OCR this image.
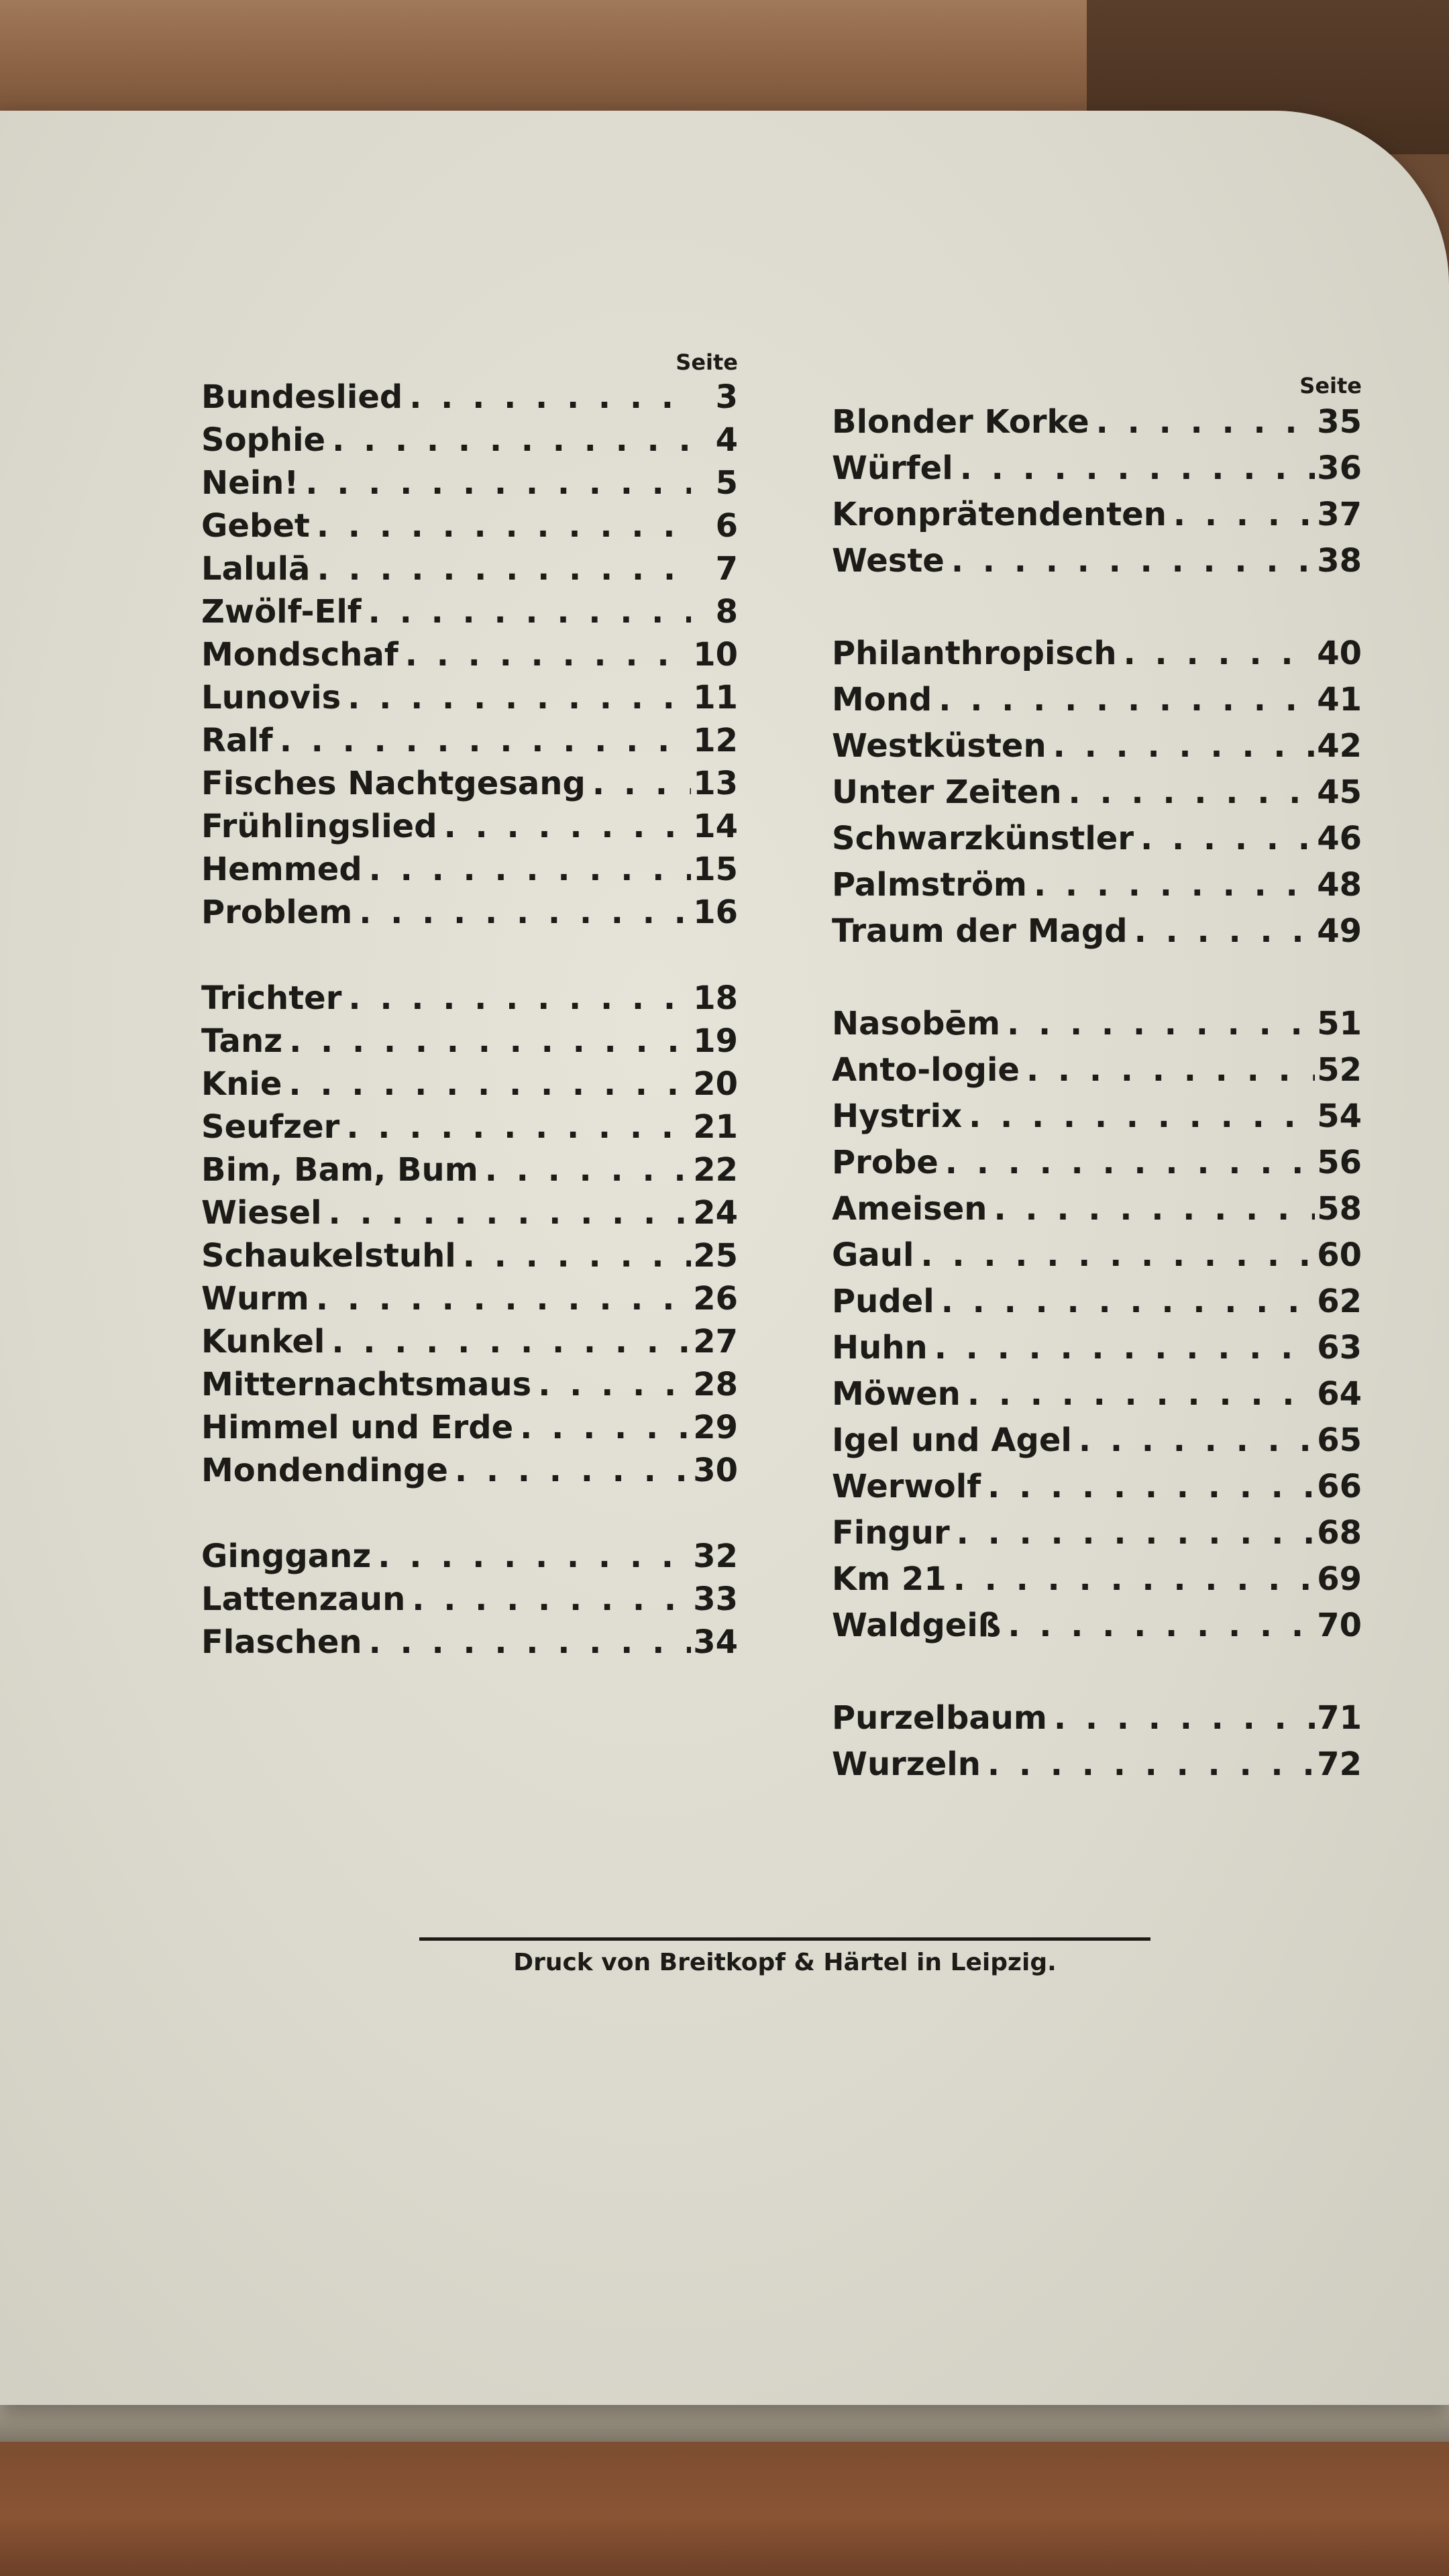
Seite
Bundeslied . . .	3
Sophie . . .	4
Nein! . . .	5
Gebet . . .	6
Lalulā . . .	7
Zwölf-Elf . . .	8
Mondschaf . . .	10
Lunovis . . .	11
Ralf . . .	12
Fisches Nachtgesang . . .	13
Frühlingslied . . .	14
Hemmed . . .	15
Problem . . .	16
Trichter . . .	18
Tanz . . .	19
Knie . . .	20
Seufzer . . .	21
Bim, Bam, Bum . . .	22
Wiesel . . .	24
Schaukelstuhl . . .	25
Wurm . . .	26
Kunkel . . .	27
Mitternachtsmaus . . .	28
Himmel und Erde . . .	29
Mondendinge . . .	30
Gingganz . . .	32
Lattenzaun . . .	33
Flaschen . . .	34
Seite
Blonder Korke . . .	35
Würfel . . .	36
Kronprätendenten . . .	37
Weste . . .	38
Philanthropisch . . .	40
Mond . . .	41
Westküsten . . .	42
Unter Zeiten . . .	45
Schwarzkünstler . . .	46
Palmström . . .	48
Traum der Magd . . .	49
Nasobēm . . .	51
Anto-logie . . .	52
Hystrix . . .	54
Probe . . .	56
Ameisen . . .	58
Gaul . . .	60
Pudel . . .	62
Huhn . . .	63
Möwen . . .	64
Igel und Agel . . .	65
Werwolf . . .	66
Fingur . . .	68
Km 21 . . .	69
Waldgeiß . . .	70
Purzelbaum . . .	71
Wurzeln . . .	72
Druck von Breitkopf & Härtel in Leipzig.
